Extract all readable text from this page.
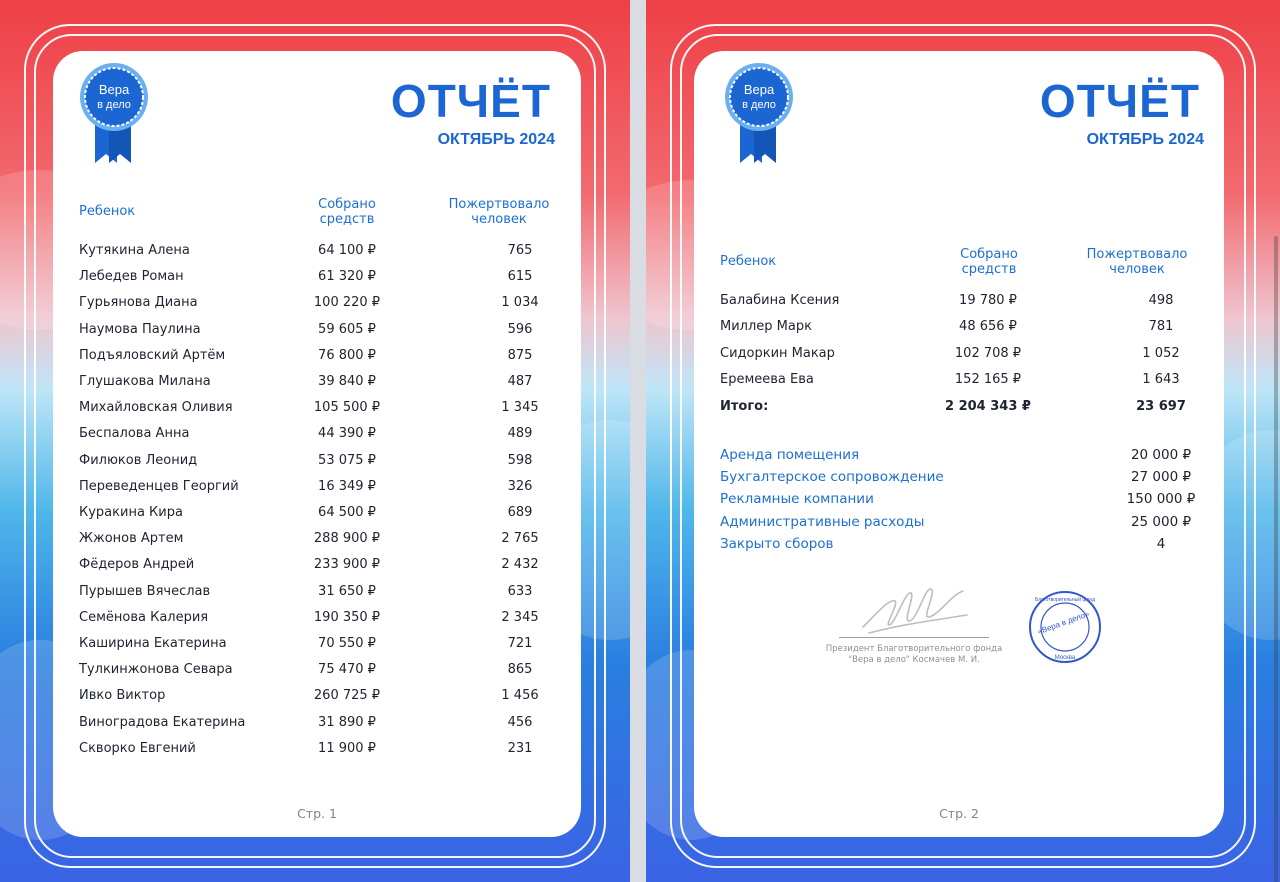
Вера
в дело	ОТЧЁТ
ОКТЯБРЬ 2024
Ребенок	Собрано
средств
Пожертвовало
человек
Кутякина Алена	64 100 ₽	765
Лебедев Роман	61 320 ₽	615
Гурьянова Диана	100 220 ₽	1 034
Наумова Паулина	59 605 ₽	596
Подъяловский Артём	76 800 ₽	875
Глушакова Милана	39 840 ₽	487
Михайловская Оливия	105 500 ₽	1 345
Беспалова Анна	44 390 ₽	489
Филюков Леонид	53 075 ₽	598
Переведенцев Георгий	16 349 ₽	326
Куракина Кира	64 500 ₽	689
Жжонов Артем	288 900 ₽	2 765
Фёдеров Андрей	233 900 ₽	2 432
Пурышев Вячеслав	31 650 ₽	633
Семёнова Калерия	190 350 ₽	2 345
Каширина Екатерина	70 550 ₽	721
Тулкинжонова Севара	75 470 ₽	865
Ивко Виктор	260 725 ₽	1 456
Виноградова Екатерина	31 890 ₽	456
Скворко Евгений	11 900 ₽	231
Стр. 1
Вера
в дело	ОТЧЁТ
ОКТЯБРЬ 2024
Ребенок	Собрано
средств
Пожертвовало
человек
Балабина Ксения	19 780 ₽	498
Миллер Марк	48 656 ₽	781
Сидоркин Макар	102 708 ₽	1 052
Еремеева Ева	152 165 ₽	1 643
Итого:	2 204 343 ₽	23 697
Аренда помещения	20 000 ₽
Бухгалтерское сопровождение	27 000 ₽
Рекламные компании	150 000 ₽
Административные расходы	25 000 ₽
Закрыто сборов	4
Президент Благотворительного фонда
"Вера в дело" Космачев М. И.
«Вера в дело»
Москва
Благотворительный фонд
Стр. 2
